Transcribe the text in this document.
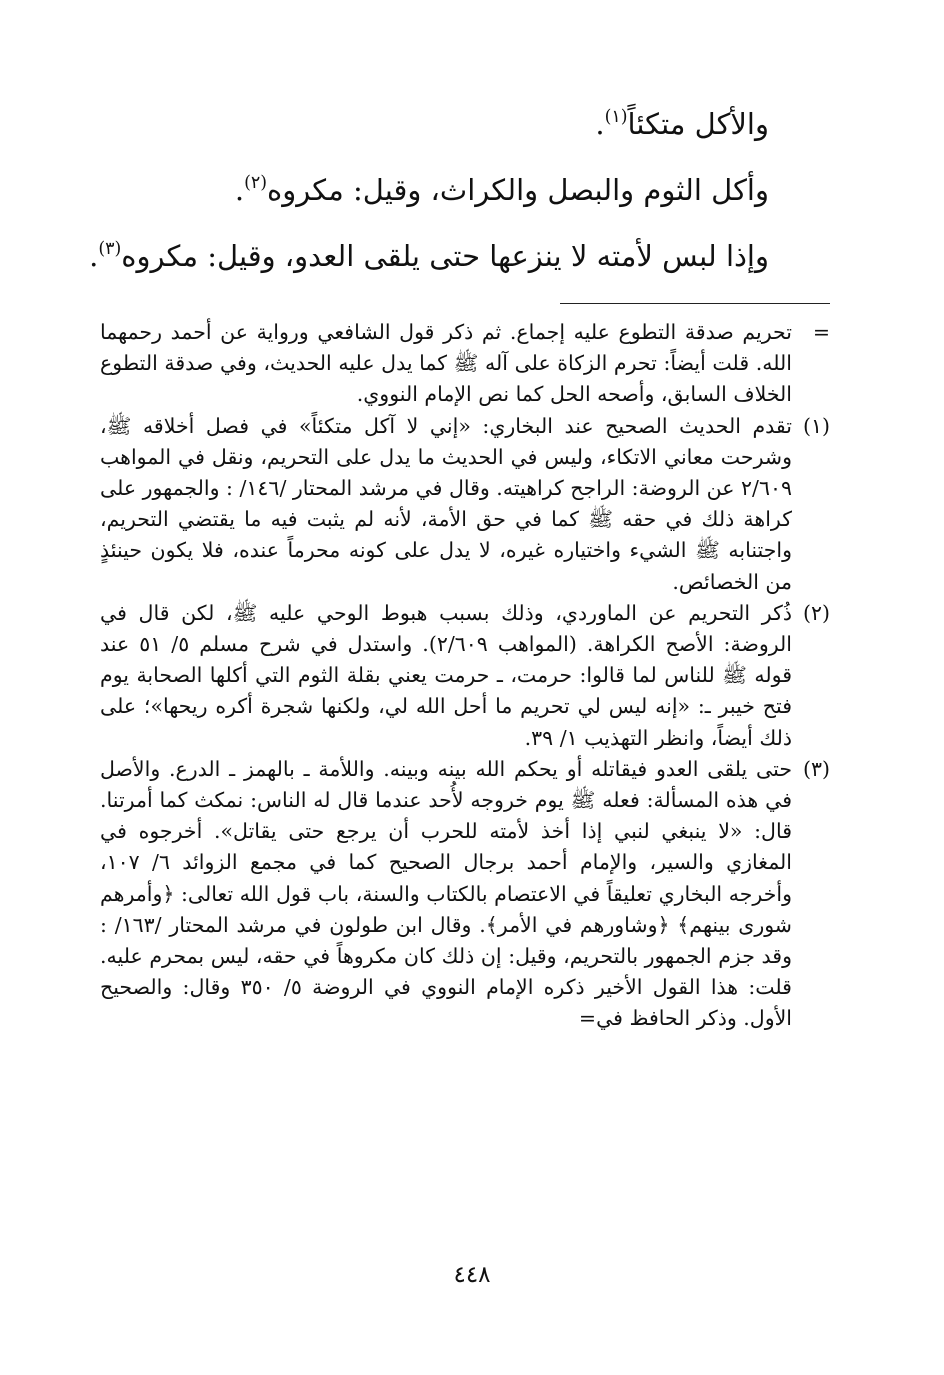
والأكل متكئاً$^{(١)}$.
وأكل الثوم والبصل والكراث، وقيل: مكروه$^{(٢)}$.
وإذا لبس لأمته لا ينزعها حتى يلقى العدو، وقيل: مكروه$^{(٣)}$.
=

تحريم صدقة التطوع عليه إجماع. ثم ذكر قول الشافعي ورواية عن أحمد رحمهما الله. قلت أيضاً: تحرم الزكاة على آله ﷺ كما يدل عليه الحديث، وفي صدقة التطوع الخلاف السابق، وأصحه الحل كما نص الإمام النووي.

(١)

تقدم الحديث الصحيح عند البخاري: «إني لا آكل متكئاً» في فصل أخلاقه ﷺ، وشرحت معاني الاتكاء، وليس في الحديث ما يدل على التحريم، ونقل في المواهب ٢/٦٠٩ عن الروضة: الراجح كراهيته. وقال في مرشد المحتار /١٤٦/ : والجمهور على كراهة ذلك في حقه ﷺ كما في حق الأمة، لأنه لم يثبت فيه ما يقتضي التحريم، واجتنابه ﷺ الشيء واختياره غيره، لا يدل على كونه محرماً عنده، فلا يكون حينئذٍ من الخصائص.

(٢)

ذُكر التحريم عن الماوردي، وذلك بسبب هبوط الوحي عليه ﷺ، لكن قال في الروضة: الأصح الكراهة. (المواهب ٢/٦٠٩). واستدل في شرح مسلم ٥/ ٥١ عند قوله ﷺ للناس لما قالوا: حرمت، ـ حرمت يعني بقلة الثوم التي أكلها الصحابة يوم فتح خيبر ـ: «إنه ليس لي تحريم ما أحل الله لي، ولكنها شجرة أكره ريحها»؛ على ذلك أيضاً، وانظر التهذيب ١/ ٣٩.

(٣)

حتى يلقى العدو فيقاتله أو يحكم الله بينه وبينه. واللأمة ـ بالهمز ـ الدرع. والأصل في هذه المسألة: فعله ﷺ يوم خروجه لأُحد عندما قال له الناس: نمكث كما أمرتنا. قال: «لا ينبغي لنبي إذا أخذ لأمته للحرب أن يرجع حتى يقاتل». أخرجوه في المغازي والسير، والإمام أحمد برجال الصحيح كما في مجمع الزوائد ٦/ ١٠٧، وأخرجه البخاري تعليقاً في الاعتصام بالكتاب والسنة، باب قول الله تعالى: ﴿وأمرهم شورى بينهم﴾ ﴿وشاورهم في الأمر﴾. وقال ابن طولون في مرشد المحتار /١٦٣/ : وقد جزم الجمهور بالتحريم، وقيل: إن ذلك كان مكروهاً في حقه، ليس بمحرم عليه. قلت: هذا القول الأخير ذكره الإمام النووي في الروضة ٥/ ٣٥٠ وقال: والصحيح الأول. وذكر الحافظ في=

٤٤٨
